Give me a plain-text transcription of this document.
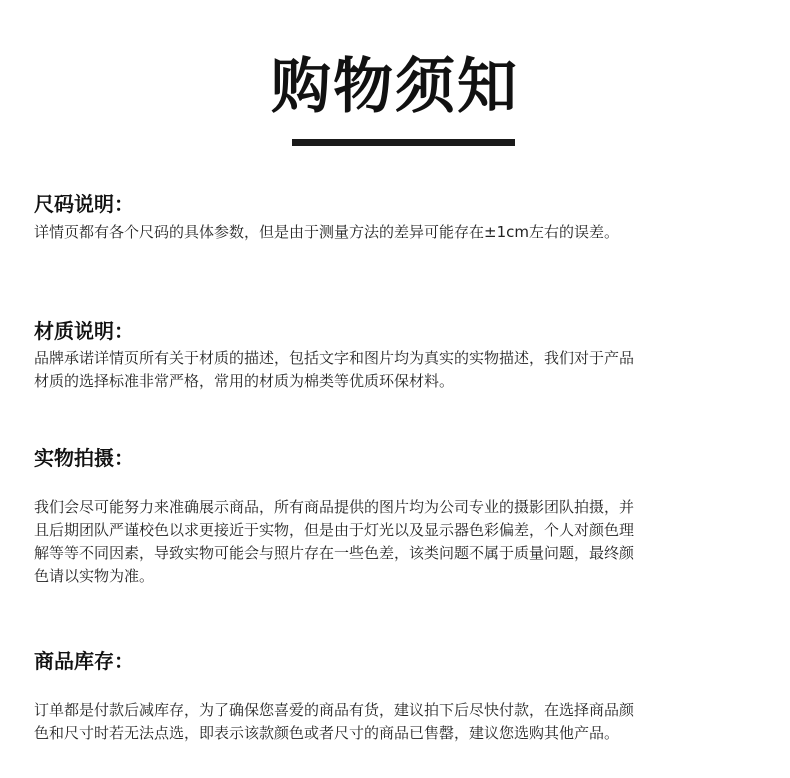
购物须知
尺码说明：
详情页都有各个尺码的具体参数，但是由于测量方法的差异可能存在±1cm左右的误差。
材质说明：
品牌承诺详情页所有关于材质的描述，包括文字和图片均为真实的实物描述，我们对于产品
材质的选择标准非常严格，常用的材质为棉类等优质环保材料。
实物拍摄：
我们会尽可能努力来准确展示商品，所有商品提供的图片均为公司专业的摄影团队拍摄，并
且后期团队严谨校色以求更接近于实物，但是由于灯光以及显示器色彩偏差，个人对颜色理
解等等不同因素，导致实物可能会与照片存在一些色差，该类问题不属于质量问题，最终颜
色请以实物为准。
商品库存：
订单都是付款后减库存，为了确保您喜爱的商品有货，建议拍下后尽快付款，在选择商品颜
色和尺寸时若无法点选，即表示该款颜色或者尺寸的商品已售罄，建议您选购其他产品。
